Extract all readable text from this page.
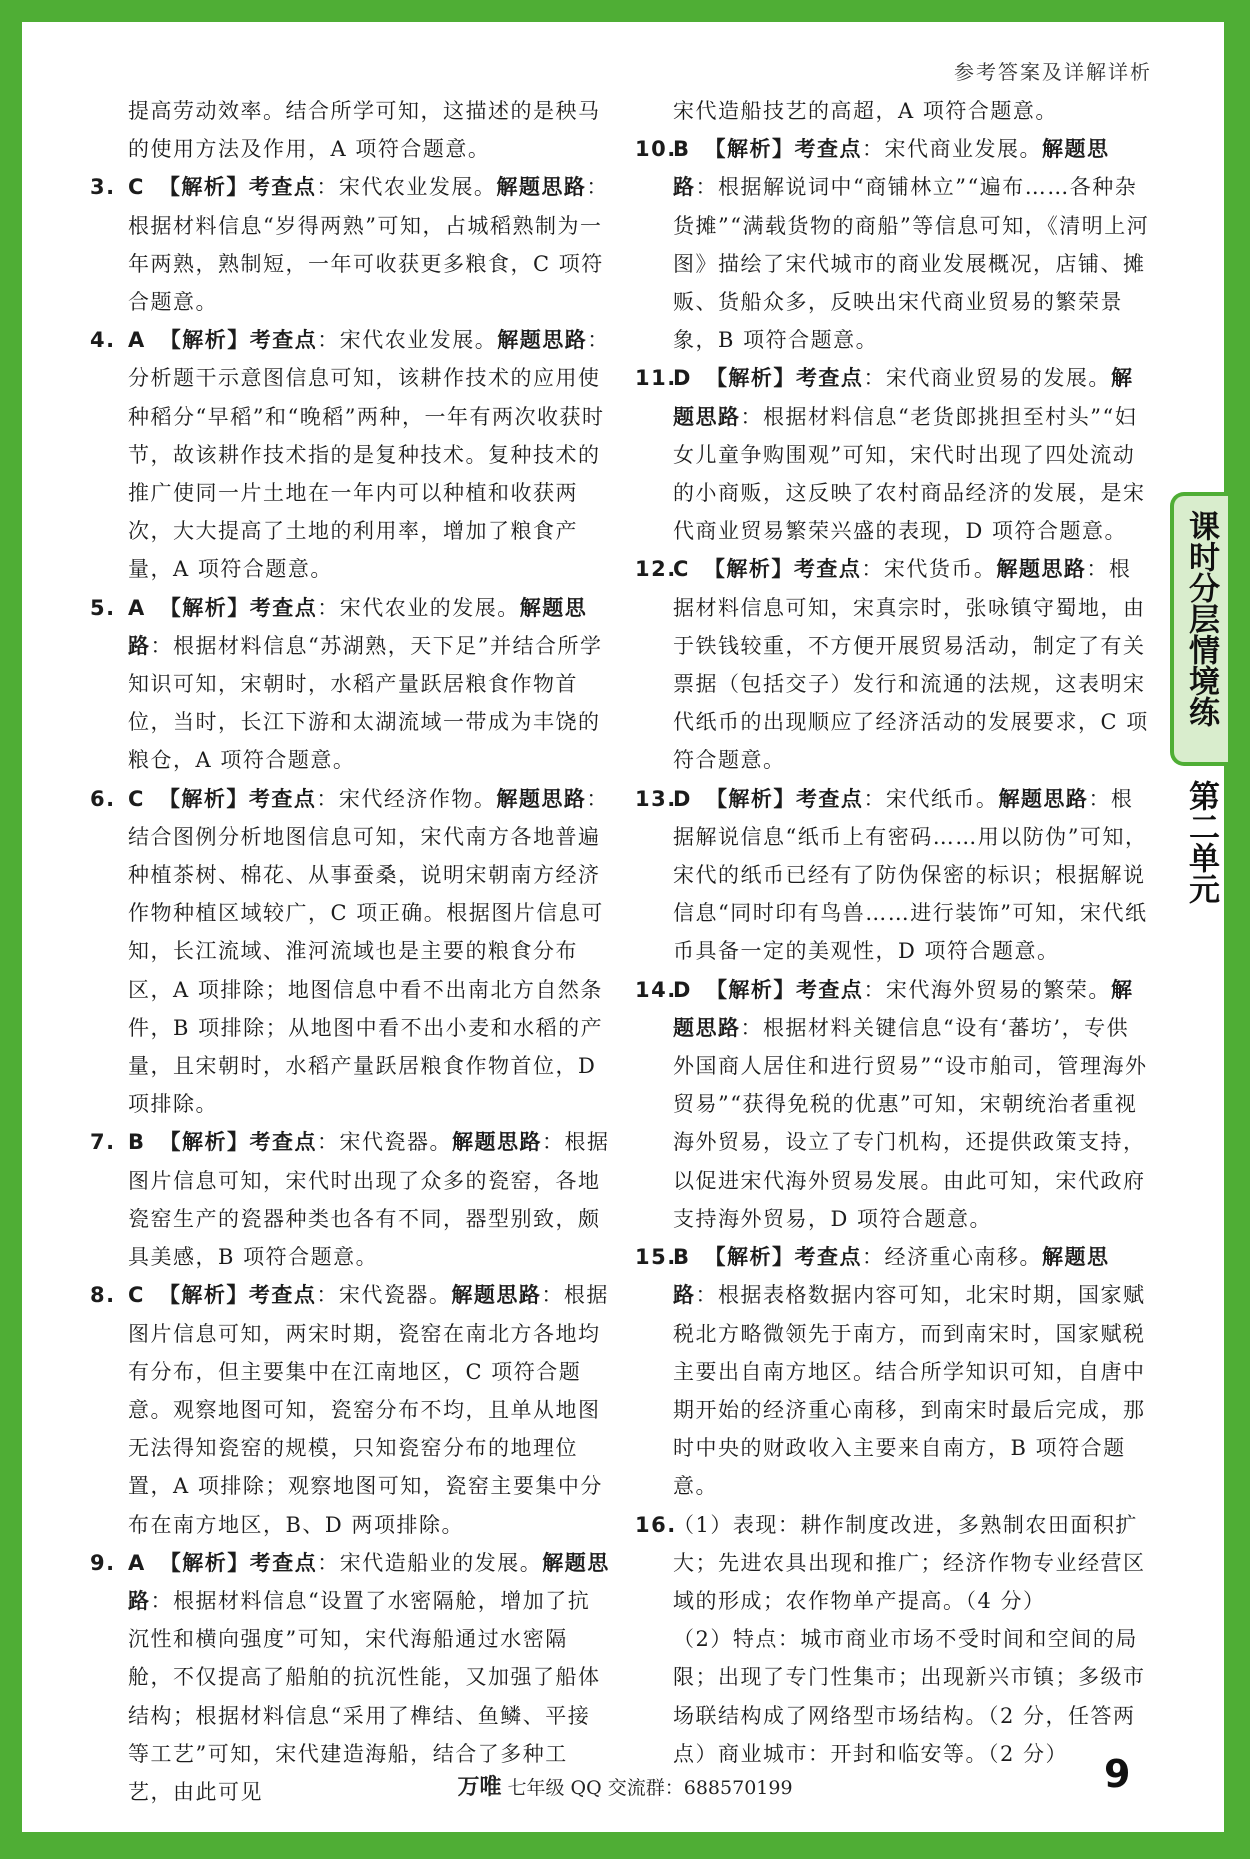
参考答案及详解详析
课时分层情境练
第二单元
提高劳动效率。结合所学可知，这描述的是秧马的使用方法及作用，A 项符合题意。
3. C 【解析】考查点：宋代农业发展。解题思路：根据材料信息“岁得两熟”可知，占城稻熟制为一年两熟，熟制短，一年可收获更多粮食，C 项符合题意。
4. A 【解析】考查点：宋代农业发展。解题思路：分析题干示意图信息可知，该耕作技术的应用使种稻分“早稻”和“晚稻”两种，一年有两次收获时节，故该耕作技术指的是复种技术。复种技术的推广使同一片土地在一年内可以种植和收获两次，大大提高了土地的利用率，增加了粮食产量，A 项符合题意。
5. A 【解析】考查点：宋代农业的发展。解题思路：根据材料信息“苏湖熟，天下足”并结合所学知识可知，宋朝时，水稻产量跃居粮食作物首位，当时，长江下游和太湖流域一带成为丰饶的粮仓，A 项符合题意。
6. C 【解析】考查点：宋代经济作物。解题思路：结合图例分析地图信息可知，宋代南方各地普遍种植茶树、棉花、从事蚕桑，说明宋朝南方经济作物种植区域较广，C 项正确。根据图片信息可知，长江流域、淮河流域也是主要的粮食分布区，A 项排除；地图信息中看不出南北方自然条件，B 项排除；从地图中看不出小麦和水稻的产量，且宋朝时，水稻产量跃居粮食作物首位，D 项排除。
7. B 【解析】考查点：宋代瓷器。解题思路：根据图片信息可知，宋代时出现了众多的瓷窑，各地瓷窑生产的瓷器种类也各有不同，器型别致，颇具美感，B 项符合题意。
8. C 【解析】考查点：宋代瓷器。解题思路：根据图片信息可知，两宋时期，瓷窑在南北方各地均有分布，但主要集中在江南地区，C 项符合题意。观察地图可知，瓷窑分布不均，且单从地图无法得知瓷窑的规模，只知瓷窑分布的地理位置，A 项排除；观察地图可知，瓷窑主要集中分布在南方地区，B、D 两项排除。
9. A 【解析】考查点：宋代造船业的发展。解题思路：根据材料信息“设置了水密隔舱，增加了抗沉性和横向强度”可知，宋代海船通过水密隔舱，不仅提高了船舶的抗沉性能，又加强了船体结构；根据材料信息“采用了榫结、鱼鳞、平接等工艺”可知，宋代建造海船，结合了多种工艺，由此可见
宋代造船技艺的高超，A 项符合题意。
10.
B 【解析】考查点：宋代商业发展。解题思路：根据解说词中“商铺林立”“遍布……各种杂货摊”“满载货物的商船”等信息可知，《清明上河图》描绘了宋代城市的商业发展概况，店铺、摊贩、货船众多，反映出宋代商业贸易的繁荣景象，B 项符合题意。
11.
D 【解析】考查点：宋代商业贸易的发展。解题思路：根据材料信息“老货郎挑担至村头”“妇女儿童争购围观”可知，宋代时出现了四处流动的小商贩，这反映了农村商品经济的发展，是宋代商业贸易繁荣兴盛的表现，D 项符合题意。
12.
C 【解析】考查点：宋代货币。解题思路：根据材料信息可知，宋真宗时，张咏镇守蜀地，由于铁钱较重，不方便开展贸易活动，制定了有关票据（包括交子）发行和流通的法规，这表明宋代纸币的出现顺应了经济活动的发展要求，C 项符合题意。
13.
D 【解析】考查点：宋代纸币。解题思路：根据解说信息“纸币上有密码……用以防伪”可知，宋代的纸币已经有了防伪保密的标识；根据解说信息“同时印有鸟兽……进行装饰”可知，宋代纸币具备一定的美观性，D 项符合题意。
14.
D 【解析】考查点：宋代海外贸易的繁荣。解题思路：根据材料关键信息“设有‘蕃坊’，专供外国商人居住和进行贸易”“设市舶司，管理海外贸易”“获得免税的优惠”可知，宋朝统治者重视海外贸易，设立了专门机构，还提供政策支持，以促进宋代海外贸易发展。由此可知，宋代政府支持海外贸易，D 项符合题意。
15.
B 【解析】考查点：经济重心南移。解题思路：根据表格数据内容可知，北宋时期，国家赋税北方略微领先于南方，而到南宋时，国家赋税主要出自南方地区。结合所学知识可知，自唐中期开始的经济重心南移，到南宋时最后完成，那时中央的财政收入主要来自南方，B 项符合题意。
16.
（1）表现：耕作制度改进，多熟制农田面积扩大；先进农具出现和推广；经济作物专业经营区域的形成；农作物单产提高。（4 分）
（2）特点：城市商业市场不受时间和空间的局限；出现了专门性集市；出现新兴市镇；多级市场联结构成了网络型市场结构。（2 分，任答两点）商业城市：开封和临安等。（2 分）
万唯 七年级 QQ 交流群：688570199	9
